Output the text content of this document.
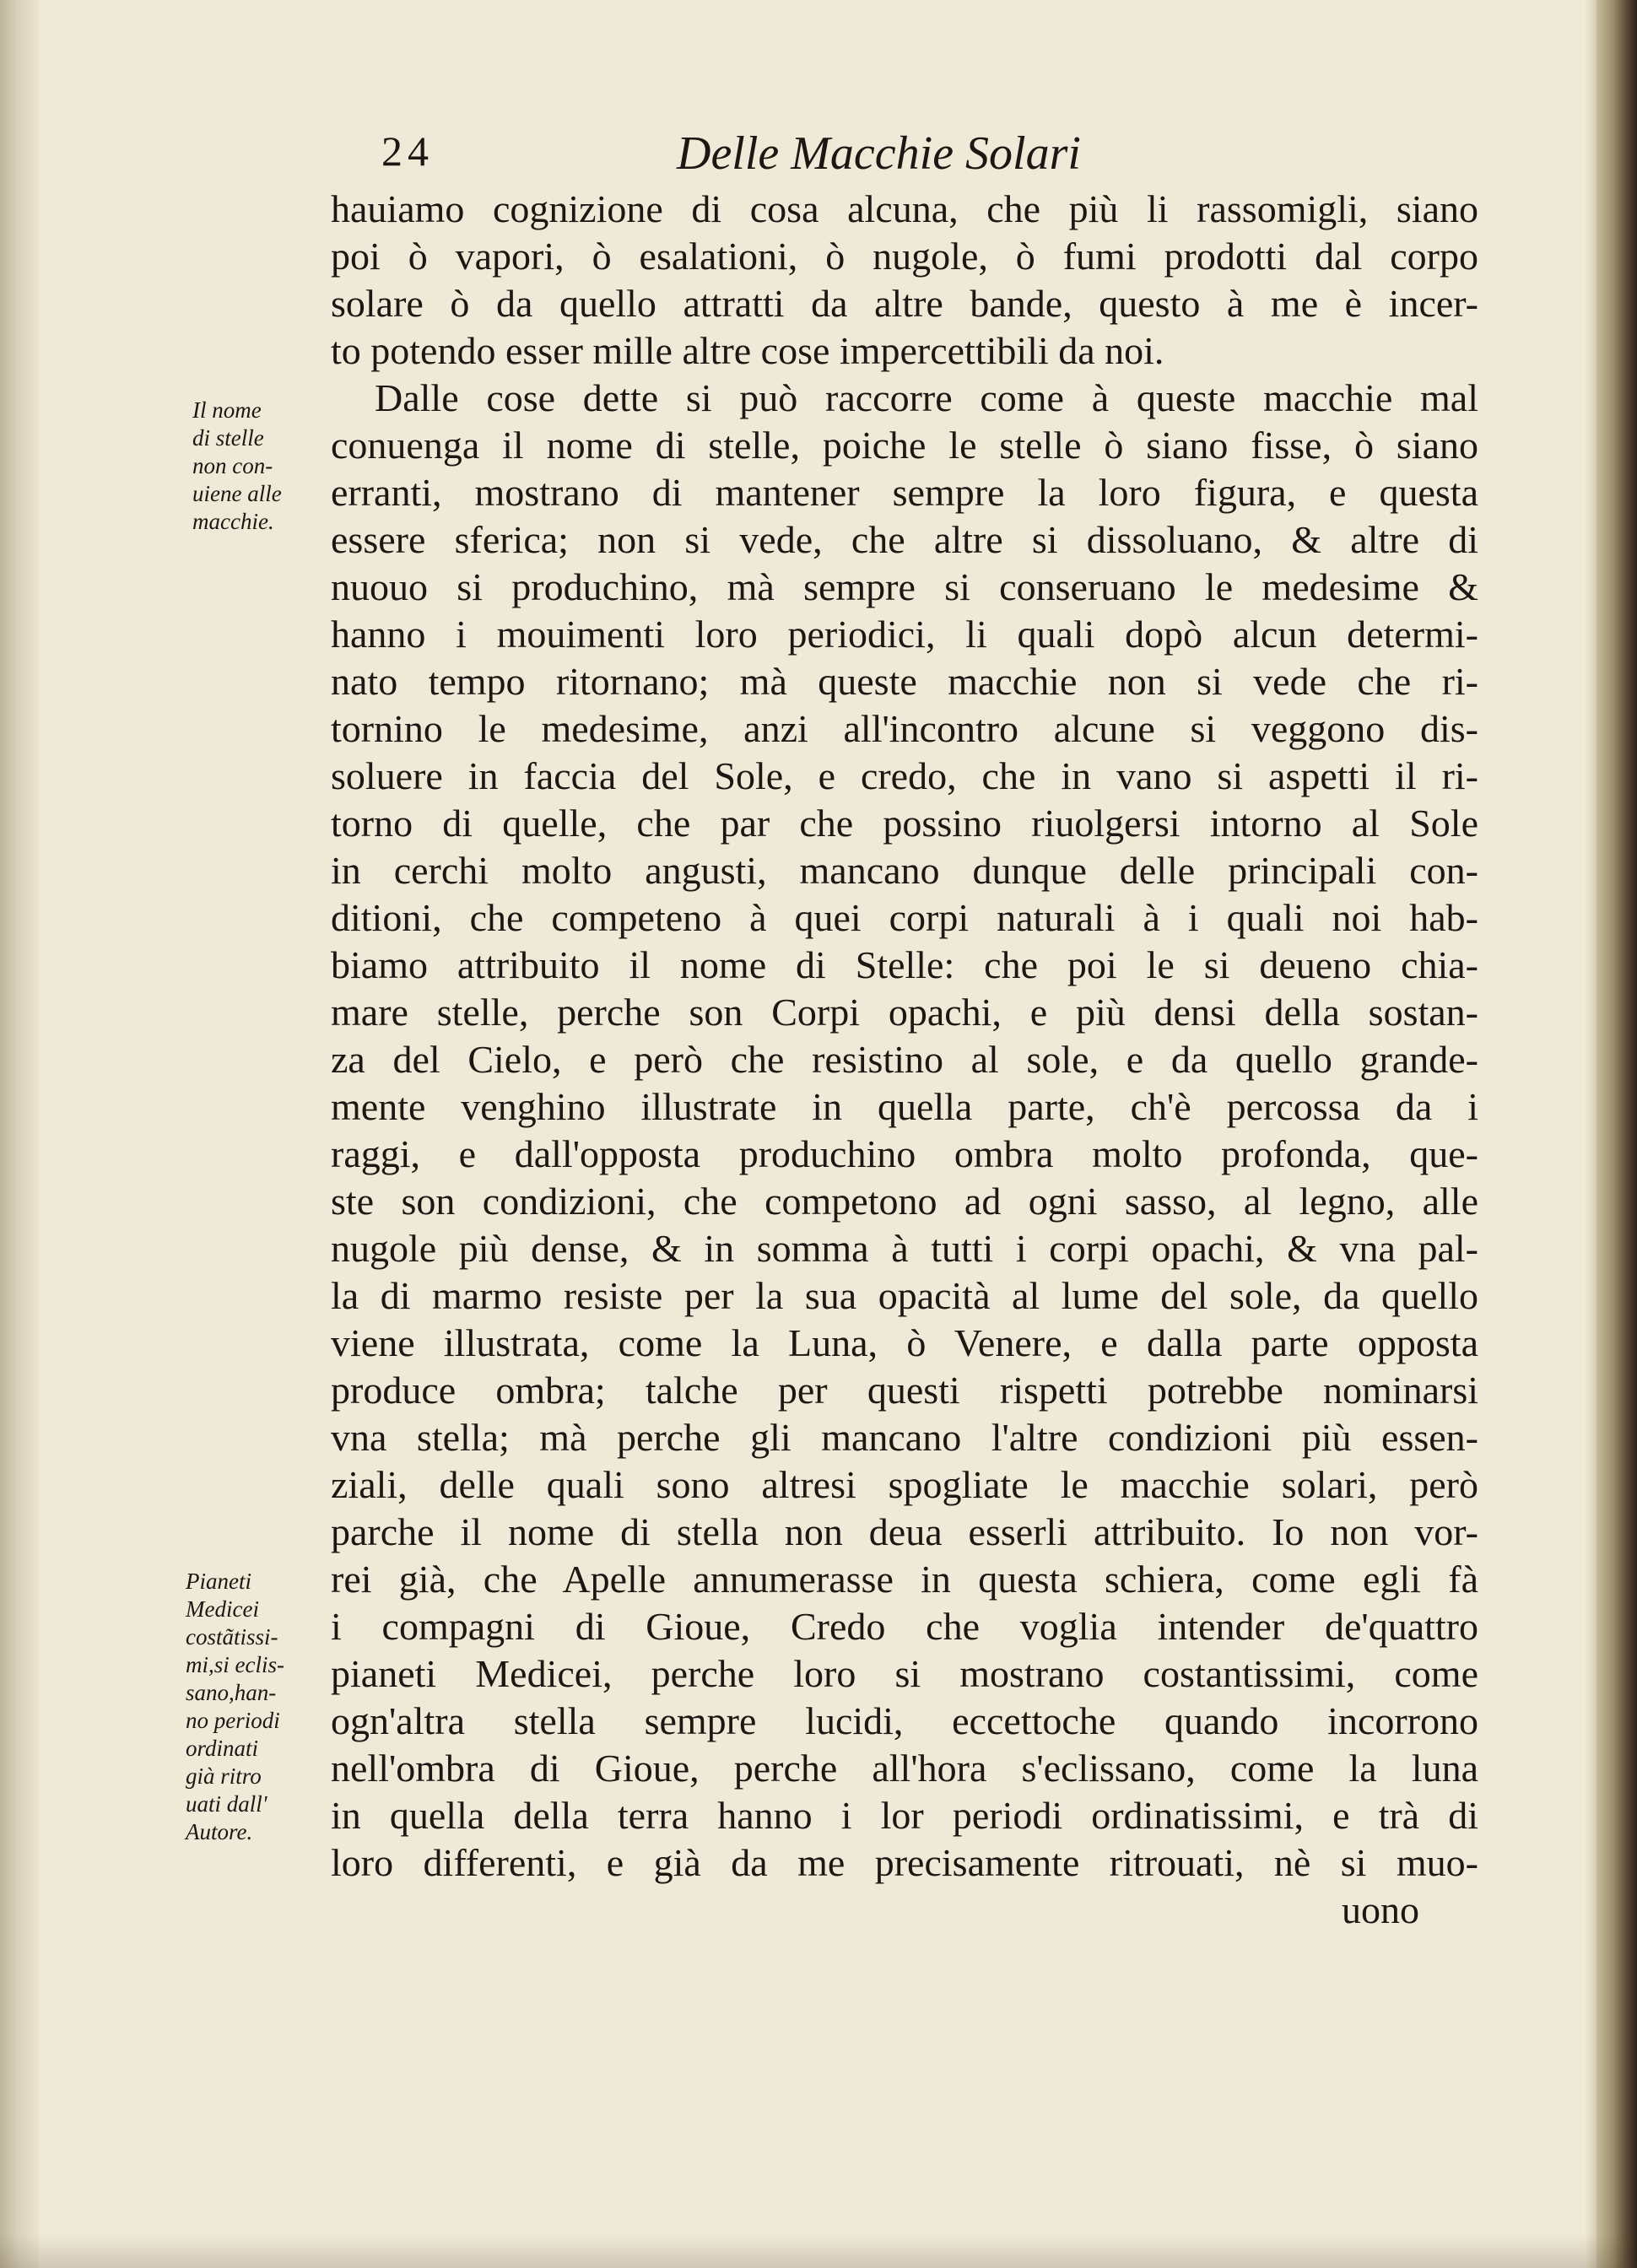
24	Delle Macchie Solari
Il nome
di stelle
non con-
uiene alle
macchie.
Pianeti
Medicei
costãtissi-
mi,si eclis-
sano,han-
no periodi
ordinati
già ritro
uati dall'
Autore.
hauiamo cognizione di cosa alcuna, che più li rassomigli, siano
poi ò vapori, ò esalationi, ò nugole, ò fumi prodotti dal corpo
solare ò da quello attratti da altre bande, questo à me è incer-
to potendo esser mille altre cose impercettibili da noi.
Dalle cose dette si può raccorre come à queste macchie mal
conuenga il nome di stelle, poiche le stelle ò siano fisse, ò siano
erranti, mostrano di mantener sempre la loro figura, e questa
essere sferica; non si vede, che altre si dissoluano, & altre di
nuouo si produchino, mà sempre si conseruano le medesime &
hanno i mouimenti loro periodici, li quali dopò alcun determi-
nato tempo ritornano; mà queste macchie non si vede che ri-
tornino le medesime, anzi all'incontro alcune si veggono dis-
soluere in faccia del Sole, e credo, che in vano si aspetti il ri-
torno di quelle, che par che possino riuolgersi intorno al Sole
in cerchi molto angusti, mancano dunque delle principali con-
ditioni, che competeno à quei corpi naturali à i quali noi hab-
biamo attribuito il nome di Stelle: che poi le si deueno chia-
mare stelle, perche son Corpi opachi, e più densi della sostan-
za del Cielo, e però che resistino al sole, e da quello grande-
mente venghino illustrate in quella parte, ch'è percossa da i
raggi, e dall'opposta produchino ombra molto profonda, que-
ste son condizioni, che competono ad ogni sasso, al legno, alle
nugole più dense, & in somma à tutti i corpi opachi, & vna pal-
la di marmo resiste per la sua opacità al lume del sole, da quello
viene illustrata, come la Luna, ò Venere, e dalla parte opposta
produce ombra; talche per questi rispetti potrebbe nominarsi
vna stella; mà perche gli mancano l'altre condizioni più essen-
ziali, delle quali sono altresi spogliate le macchie solari, però
parche il nome di stella non deua esserli attribuito. Io non vor-
rei già, che Apelle annumerasse in questa schiera, come egli fà
i compagni di Gioue, Credo che voglia intender de'quattro
pianeti Medicei, perche loro si mostrano costantissimi, come
ogn'altra stella sempre lucidi, eccettoche quando incorrono
nell'ombra di Gioue, perche all'hora s'eclissano, come la luna
in quella della terra hanno i lor periodi ordinatissimi, e trà di
loro differenti, e già da me precisamente ritrouati, nè si muo-
uono
